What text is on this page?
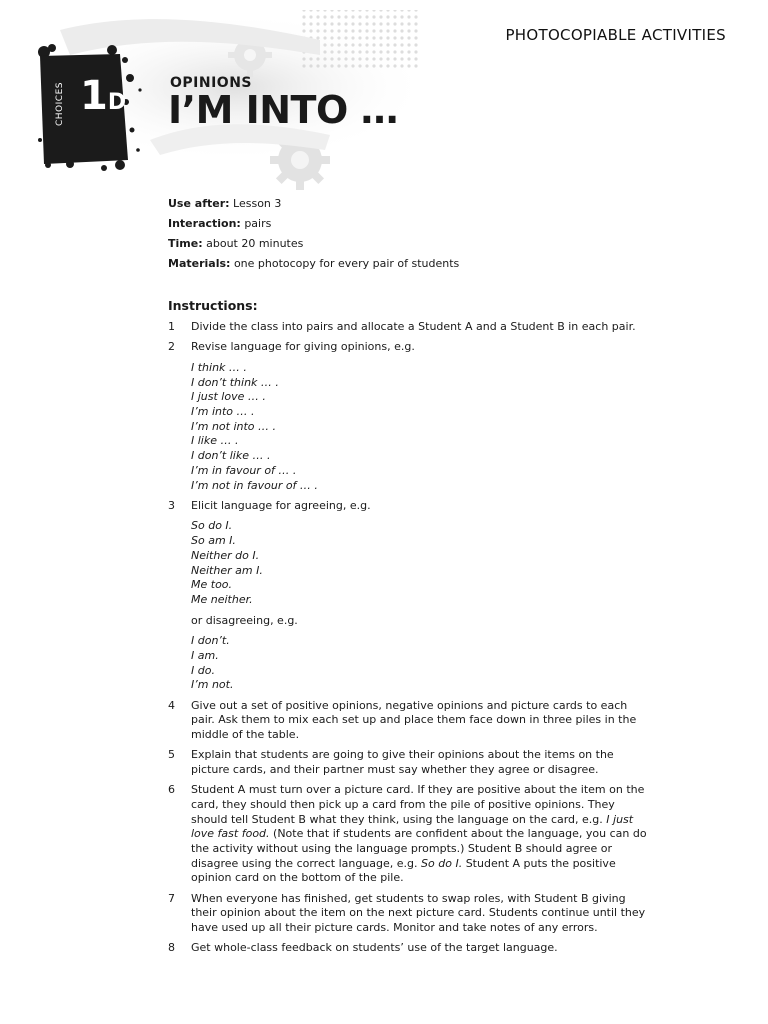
PHOTOCOPIABLE ACTIVITIES
CHOICES 1D
OPINIONS
I’M INTO …
Use after: Lesson 3
Interaction: pairs
Time: about 20 minutes
Materials: one photocopy for every pair of students
Instructions:
1 Divide the class into pairs and allocate a Student A and a Student B in each pair.
2 Revise language for giving opinions, e.g.
I think … .
I don’t think … .
I just love … .
I’m into … .
I’m not into … .
I like … .
I don’t like … .
I’m in favour of … .
I’m not in favour of … .
3 Elicit language for agreeing, e.g.
So do I.
So am I.
Neither do I.
Neither am I.
Me too.
Me neither.
or disagreeing, e.g.
I don’t.
I am.
I do.
I’m not.
4 Give out a set of positive opinions, negative opinions and picture cards to each pair. Ask them to mix each set up and place them face down in three piles in the middle of the table.
5 Explain that students are going to give their opinions about the items on the picture cards, and their partner must say whether they agree or disagree.
6 Student A must turn over a picture card. If they are positive about the item on the card, they should then pick up a card from the pile of positive opinions. They should tell Student B what they think, using the language on the card, e.g. I just love fast food. (Note that if students are confident about the language, you can do the activity without using the language prompts.) Student B should agree or disagree using the correct language, e.g. So do I. Student A puts the positive opinion card on the bottom of the pile.
7 When everyone has finished, get students to swap roles, with Student B giving their opinion about the item on the next picture card. Students continue until they have used up all their picture cards. Monitor and take notes of any errors.
8 Get whole-class feedback on students’ use of the target language.
